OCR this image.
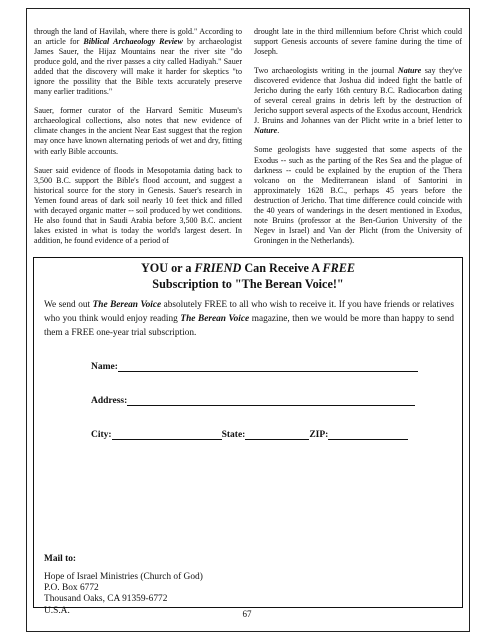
through the land of Havilah, where there is gold." According to an article for Biblical Archaeology Review by archaeologist James Sauer, the Hijaz Mountains near the river site "do produce gold, and the river passes a city called Hadiyah." Sauer added that the discovery will make it harder for skeptics "to ignore the possility that the Bible texts accurately preserve many earlier traditions."

Sauer, former curator of the Harvard Semitic Museum's archaeological collections, also notes that new evidence of climate changes in the ancient Near East suggest that the region may once have known alternating periods of wet and dry, fitting with early Bible accounts.

Sauer said evidence of floods in Mesopotamia dating back to 3,500 B.C. support the Bible's flood account, and suggest a historical source for the story in Genesis. Sauer's research in Yemen found areas of dark soil nearly 10 feet thick and filled with decayed organic matter -- soil produced by wet conditions. He also found that in Saudi Arabia before 3,500 B.C. ancient lakes existed in what is today the world's largest desert. In addition, he found evidence of a period of

drought late in the third millennium before Christ which could support Genesis accounts of severe famine during the time of Joseph.

Two archaeologists writing in the journal Nature say they've discovered evidence that Joshua did indeed fight the battle of Jericho during the early 16th century B.C. Radiocarbon dating of several cereal grains in debris left by the destruction of Jericho support several aspects of the Exodus account, Hendrick J. Bruins and Johannes van der Plicht write in a brief letter to Nature.

Some geologists have suggested that some aspects of the Exodus -- such as the parting of the Res Sea and the plague of darkness -- could be explained by the eruption of the Thera volcano on the Mediterranean island of Santorini in approximately 1628 B.C., perhaps 45 years before the destruction of Jericho. That time difference could coincide with the 40 years of wanderings in the desert mentioned in Exodus, note Bruins (professor at the Ben-Gurion University of the Negev in Israel) and Van der Plicht (from the University of Groningen in the Netherlands).

YOU or a FRIEND Can Receive A FREE
Subscription to "The Berean Voice!"
We send out The Berean Voice absolutely FREE to all who wish to receive it. If you have friends or relatives who you think would enjoy reading The Berean Voice magazine, then we would be more than happy to send them a FREE one-year trial subscription.
Name:
Address:
City:	State:	ZIP:
Mail to:
Hope of Israel Ministries (Church of God)
P.O. Box 6772
Thousand Oaks, CA 91359-6772
U.S.A.	67
